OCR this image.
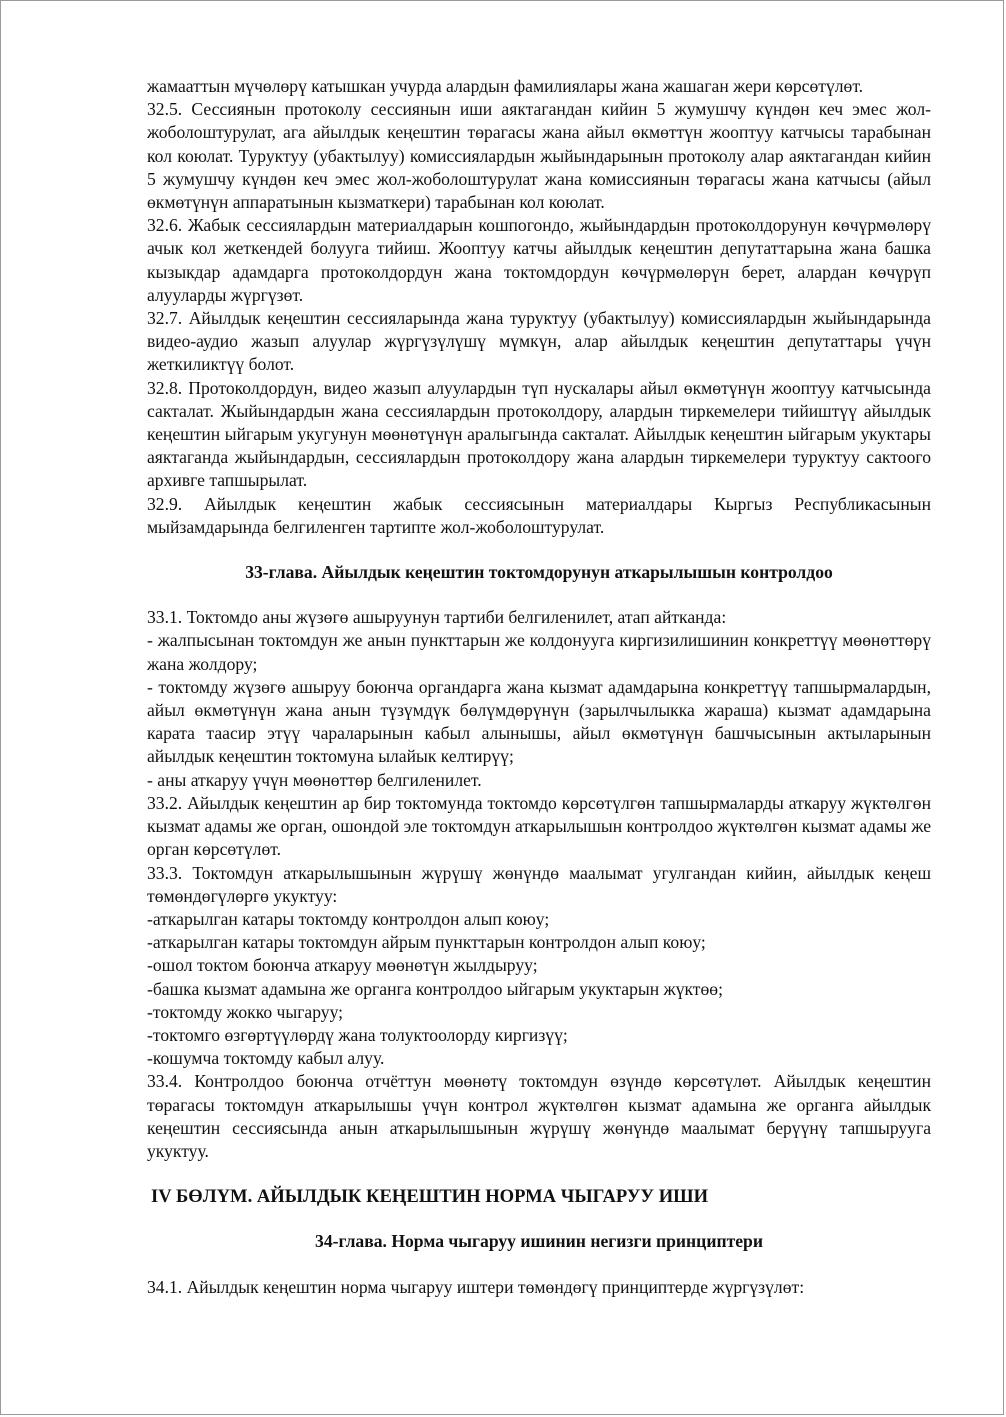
жамааттын мүчөлөрү катышкан учурда алардын фамилиялары жана жашаган жери көрсөтүлөт.

32.5. Сессиянын протоколу сессиянын иши аяктагандан кийин 5 жумушчу күндөн кеч эмес жол-жоболоштурулат, ага айылдык кеңештин төрагасы жана айыл өкмөттүн жооптуу катчысы тарабынан кол коюлат. Туруктуу (убактылуу) комиссиялардын жыйындарынын протоколу алар аяктагандан кийин 5 жумушчу күндөн кеч эмес жол-жоболоштурулат жана комиссиянын төрагасы жана катчысы (айыл өкмөтүнүн аппаратынын кызматкери) тарабынан кол коюлат.

32.6. Жабык сессиялардын материалдарын кошпогондо, жыйындардын протоколдорунун көчүрмөлөрү ачык кол жеткендей болууга тийиш. Жооптуу катчы айылдык кеңештин депутаттарына жана башка кызыкдар адамдарга протоколдордун жана токтомдордун көчүрмөлөрүн берет, алардан көчүрүп алууларды жүргүзөт.

32.7. Айылдык кеңештин сессияларында жана туруктуу (убактылуу) комиссиялардын жыйындарында видео-аудио жазып алуулар жүргүзүлүшү мүмкүн, алар айылдык кеңештин депутаттары үчүн жеткиликтүү болот.

32.8. Протоколдордун, видео жазып алуулардын түп нускалары айыл өкмөтүнүн жооптуу катчысында сакталат. Жыйындардын жана сессиялардын протоколдору, алардын тиркемелери тийиштүү айылдык кеңештин ыйгарым укугунун мөөнөтүнүн аралыгында сакталат. Айылдык кеңештин ыйгарым укуктары аяктаганда жыйындардын, сессиялардын протоколдору жана алардын тиркемелери туруктуу сактоого архивге тапшырылат.

32.9. Айылдык кеңештин жабык сессиясынын материалдары Кыргыз Республикасынын мыйзамдарында белгиленген тартипте жол-жоболоштурулат.

33-глава. Айылдык кеңештин токтомдорунун аткарылышын контролдоо

33.1. Токтомдо аны жүзөгө ашыруунун тартиби белгиленилет, атап айтканда:

- жалпысынан токтомдун же анын пункттарын же колдонууга киргизилишинин конкреттүү мөөнөттөрү жана жолдору;

- токтомду жүзөгө ашыруу боюнча органдарга жана кызмат адамдарына конкреттүү тапшырмалардын, айыл өкмөтүнүн жана анын түзүмдүк бөлүмдөрүнүн (зарылчылыкка жараша) кызмат адамдарына карата таасир этүү чараларынын кабыл алынышы, айыл өкмөтүнүн башчысынын актыларынын айылдык кеңештин токтомуна ылайык келтирүү;

- аны аткаруу үчүн мөөнөттөр белгиленилет.

33.2. Айылдык кеңештин ар бир токтомунда токтомдо көрсөтүлгөн тапшырмаларды аткаруу жүктөлгөн кызмат адамы же орган, ошондой эле токтомдун аткарылышын контролдоо жүктөлгөн кызмат адамы же орган көрсөтүлөт.

33.3. Токтомдун аткарылышынын жүрүшү жөнүндө маалымат угулгандан кийин, айылдык кеңеш төмөндөгүлөргө укуктуу:

-аткарылган катары токтомду контролдон алып коюу;

-аткарылган катары токтомдун айрым пункттарын контролдон алып коюу;

-ошол токтом боюнча аткаруу мөөнөтүн жылдыруу;

-башка кызмат адамына же органга контролдоо ыйгарым укуктарын жүктөө;

-токтомду жокко чыгаруу;

-токтомго өзгөртүүлөрдү жана толуктоолорду киргизүү;

-кошумча токтомду кабыл алуу.

33.4. Контролдоо боюнча отчёттун мөөнөтү токтомдун өзүндө көрсөтүлөт. Айылдык кеңештин төрагасы токтомдун аткарылышы үчүн контрол жүктөлгөн кызмат адамына же органга айылдык кеңештин сессиясында анын аткарылышынын жүрүшү жөнүндө маалымат берүүнү тапшырууга укуктуу.

IV БӨЛҮМ. АЙЫЛДЫК КЕҢЕШТИН НОРМА ЧЫГАРУУ ИШИ
34-глава. Норма чыгаруу ишинин негизги принциптери

34.1. Айылдык кеңештин норма чыгаруу иштери төмөндөгү принциптерде жүргүзүлөт:
